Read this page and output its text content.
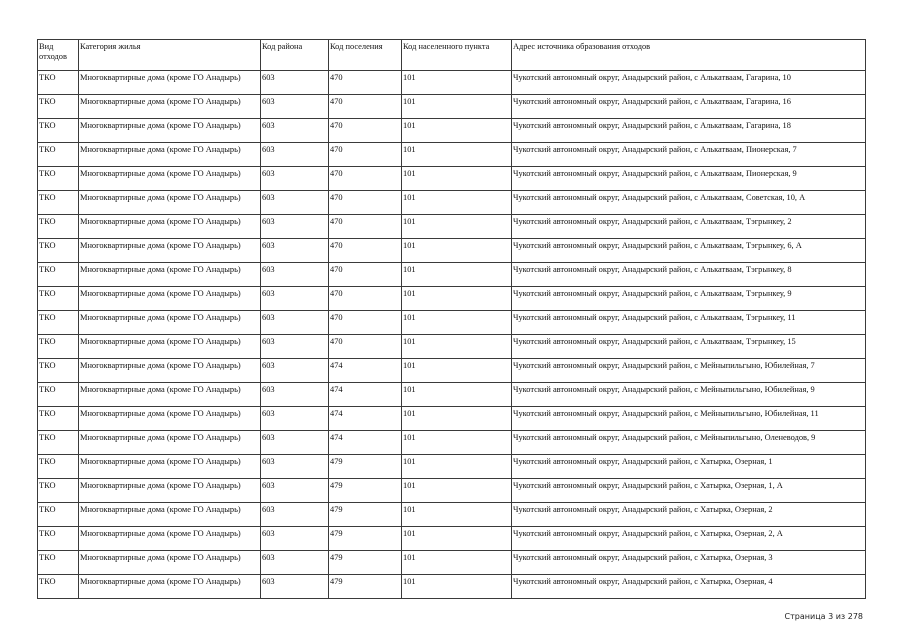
Вид отходов	Категория жилья	Код района	Код поселения	Код населенного пункта	Адрес источника образования отходов
ТКО	Многоквартирные дома (кроме ГО Анадырь)	603	470	101	Чукотский автономный округ, Анадырский район, с Алькатваам, Гагарина, 10
ТКО	Многоквартирные дома (кроме ГО Анадырь)	603	470	101	Чукотский автономный округ, Анадырский район, с Алькатваам, Гагарина, 16
ТКО	Многоквартирные дома (кроме ГО Анадырь)	603	470	101	Чукотский автономный округ, Анадырский район, с Алькатваам, Гагарина, 18
ТКО	Многоквартирные дома (кроме ГО Анадырь)	603	470	101	Чукотский автономный округ, Анадырский район, с Алькатваам, Пионерская, 7
ТКО	Многоквартирные дома (кроме ГО Анадырь)	603	470	101	Чукотский автономный округ, Анадырский район, с Алькатваам, Пионерская, 9
ТКО	Многоквартирные дома (кроме ГО Анадырь)	603	470	101	Чукотский автономный округ, Анадырский район, с Алькатваам, Советская, 10, А
ТКО	Многоквартирные дома (кроме ГО Анадырь)	603	470	101	Чукотский автономный округ, Анадырский район, с Алькатваам, Тэгрынкеу, 2
ТКО	Многоквартирные дома (кроме ГО Анадырь)	603	470	101	Чукотский автономный округ, Анадырский район, с Алькатваам, Тэгрынкеу, 6, А
ТКО	Многоквартирные дома (кроме ГО Анадырь)	603	470	101	Чукотский автономный округ, Анадырский район, с Алькатваам, Тэгрынкеу, 8
ТКО	Многоквартирные дома (кроме ГО Анадырь)	603	470	101	Чукотский автономный округ, Анадырский район, с Алькатваам, Тэгрынкеу, 9
ТКО	Многоквартирные дома (кроме ГО Анадырь)	603	470	101	Чукотский автономный округ, Анадырский район, с Алькатваам, Тэгрынкеу, 11
ТКО	Многоквартирные дома (кроме ГО Анадырь)	603	470	101	Чукотский автономный округ, Анадырский район, с Алькатваам, Тэгрынкеу, 15
ТКО	Многоквартирные дома (кроме ГО Анадырь)	603	474	101	Чукотский автономный округ, Анадырский район, с Мейныпильгыно, Юбилейная, 7
ТКО	Многоквартирные дома (кроме ГО Анадырь)	603	474	101	Чукотский автономный округ, Анадырский район, с Мейныпильгыно, Юбилейная, 9
ТКО	Многоквартирные дома (кроме ГО Анадырь)	603	474	101	Чукотский автономный округ, Анадырский район, с Мейныпильгыно, Юбилейная, 11
ТКО	Многоквартирные дома (кроме ГО Анадырь)	603	474	101	Чукотский автономный округ, Анадырский район, с Мейныпильгыно, Оленеводов, 9
ТКО	Многоквартирные дома (кроме ГО Анадырь)	603	479	101	Чукотский автономный округ, Анадырский район, с Хатырка, Озерная, 1
ТКО	Многоквартирные дома (кроме ГО Анадырь)	603	479	101	Чукотский автономный округ, Анадырский район, с Хатырка, Озерная, 1, А
ТКО	Многоквартирные дома (кроме ГО Анадырь)	603	479	101	Чукотский автономный округ, Анадырский район, с Хатырка, Озерная, 2
ТКО	Многоквартирные дома (кроме ГО Анадырь)	603	479	101	Чукотский автономный округ, Анадырский район, с Хатырка, Озерная, 2, А
ТКО	Многоквартирные дома (кроме ГО Анадырь)	603	479	101	Чукотский автономный округ, Анадырский район, с Хатырка, Озерная, 3
ТКО	Многоквартирные дома (кроме ГО Анадырь)	603	479	101	Чукотский автономный округ, Анадырский район, с Хатырка, Озерная, 4
Страница 3 из 278
